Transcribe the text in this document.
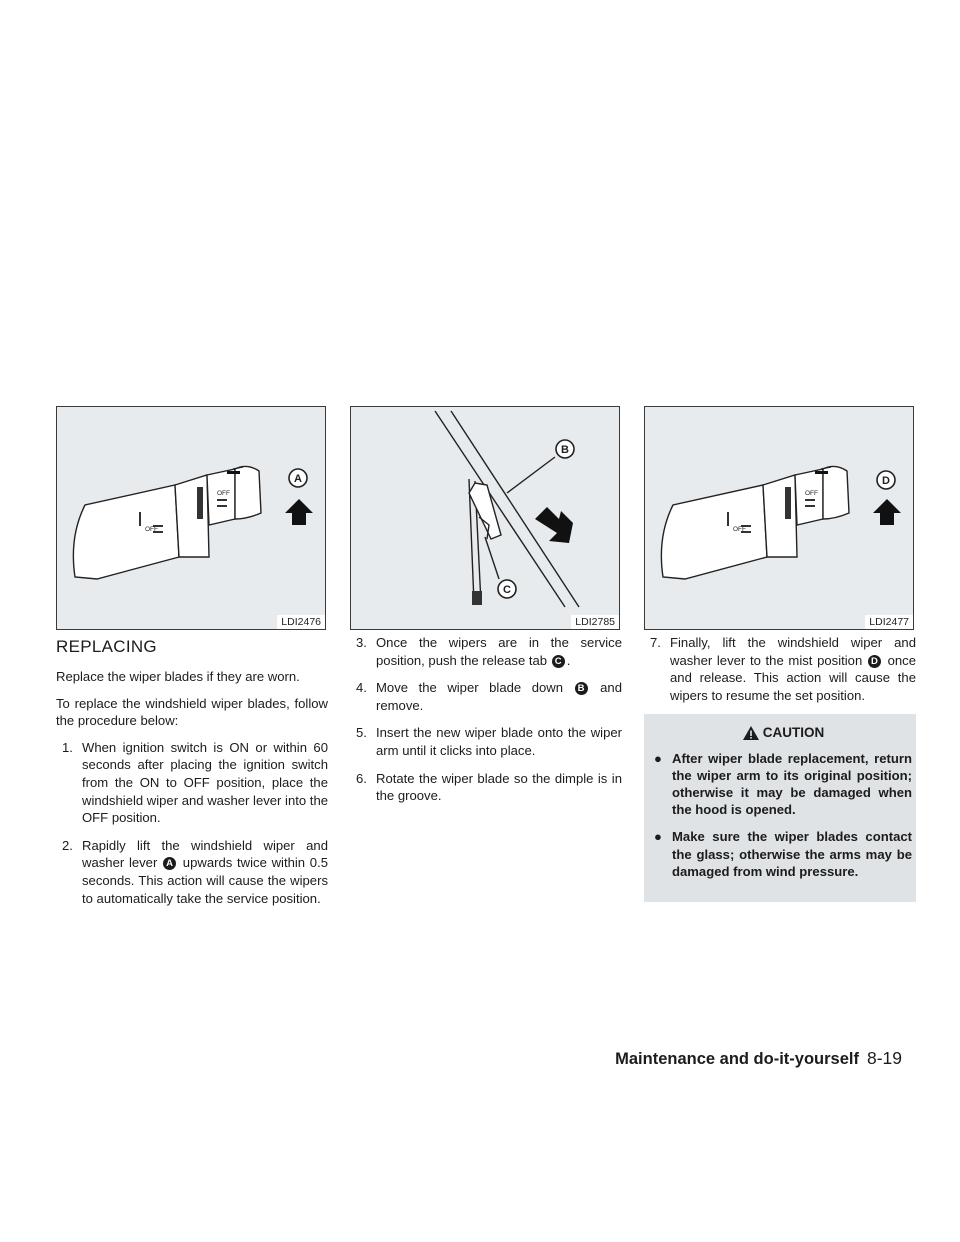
OFF
OFF
A
LDI2476
B
C
LDI2785
OFF
OFF
D
LDI2477
REPLACING

Replace the wiper blades if they are worn.

To replace the windshield wiper blades, follow the procedure below:

1. When ignition switch is ON or within 60 seconds after placing the ignition switch from the ON to OFF position, place the windshield wiper and washer lever into the OFF position.
2. Rapidly lift the windshield wiper and washer lever A upwards twice within 0.5 seconds. This action will cause the wipers to automatically take the service position.
3. Once the wipers are in the service position, push the release tab C .
4. Move the wiper blade down B and remove.
5. Insert the new wiper blade onto the wiper arm until it clicks into place.
6. Rotate the wiper blade so the dimple is in the groove.
7. Finally, lift the windshield wiper and washer lever to the mist position D once and release. This action will cause the wipers to resume the set position.
CAUTION
● After wiper blade replacement, return the wiper arm to its original position; otherwise it may be damaged when the hood is opened.
● Make sure the wiper blades contact the glass; otherwise the arms may be damaged from wind pressure.
Maintenance and do-it-yourself 8-19
